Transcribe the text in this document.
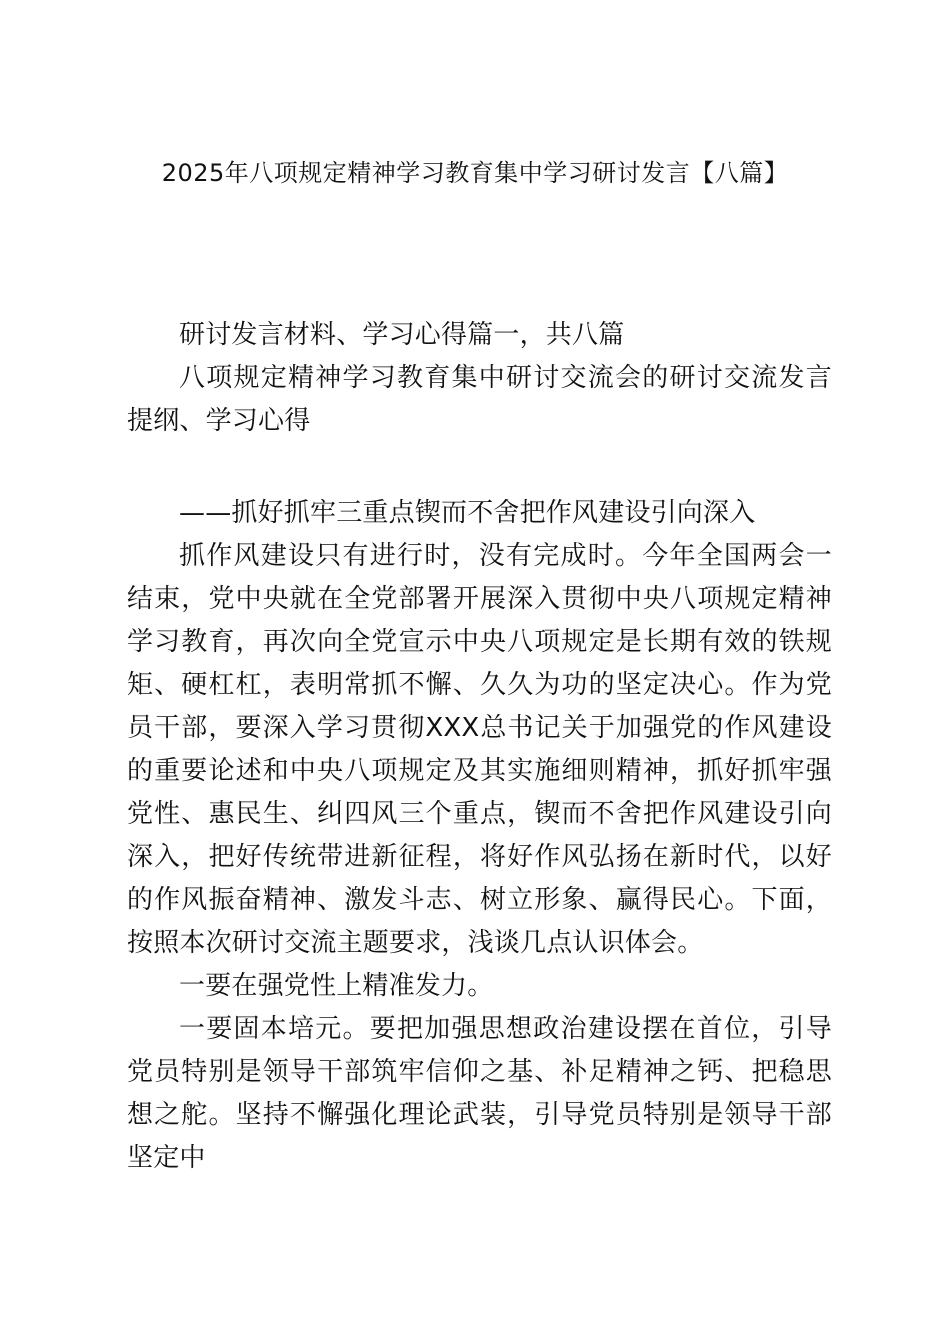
2025年八项规定精神学习教育集中学习研讨发言【八篇】

研讨发言材料、学习心得篇一，共八篇

八项规定精神学习教育集中研讨交流会的研讨交流发言提纲、学习心得

——抓好抓牢三重点锲而不舍把作风建设引向深入

抓作风建设只有进行时，没有完成时。今年全国两会一结束，党中央就在全党部署开展深入贯彻中央八项规定精神学习教育，再次向全党宣示中央八项规定是长期有效的铁规矩、硬杠杠，表明常抓不懈、久久为功的坚定决心。作为党员干部，要深入学习贯彻XXX总书记关于加强党的作风建设的重要论述和中央八项规定及其实施细则精神，抓好抓牢强党性、惠民生、纠四风三个重点，锲而不舍把作风建设引向深入，把好传统带进新征程，将好作风弘扬在新时代，以好的作风振奋精神、激发斗志、树立形象、赢得民心。下面，按照本次研讨交流主题要求，浅谈几点认识体会。

一要在强党性上精准发力。

一要固本培元。要把加强思想政治建设摆在首位，引导党员特别是领导干部筑牢信仰之基、补足精神之钙、把稳思想之舵。坚持不懈强化理论武装，引导党员特别是领导干部坚定中
